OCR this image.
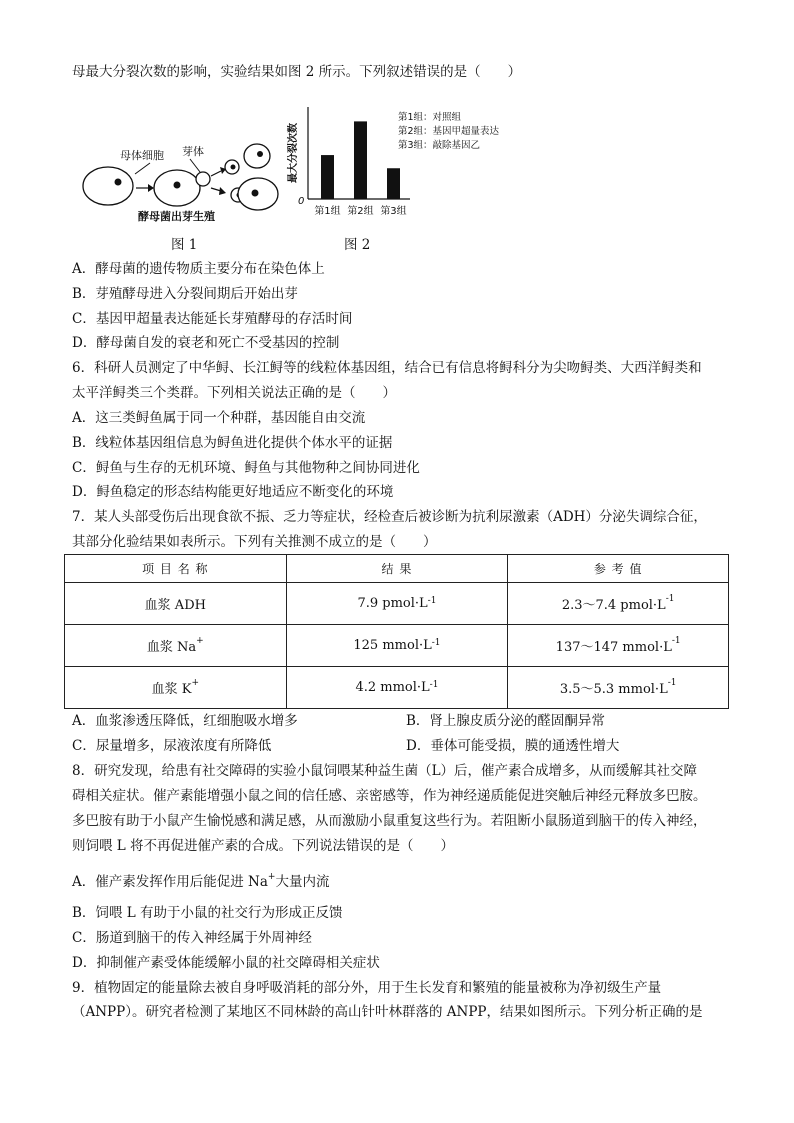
母最大分裂次数的影响，实验结果如图 2 所示。下列叙述错误的是（　　）
母体细胞 芽体
酵母菌出芽生殖
最大分裂次数
0
第1组 第2组 第3组
第1组：对照组
第2组：基因甲超量表达
第3组：敲除基因乙
图 1	图 2
A．酵母菌的遗传物质主要分布在染色体上
B．芽殖酵母进入分裂间期后开始出芽
C．基因甲超量表达能延长芽殖酵母的存活时间
D．酵母菌自发的衰老和死亡不受基因的控制
6．科研人员测定了中华鲟、长江鲟等的线粒体基因组，结合已有信息将鲟科分为尖吻鲟类、大西洋鲟类和
太平洋鲟类三个类群。下列相关说法正确的是（　　）
A．这三类鲟鱼属于同一个种群，基因能自由交流
B．线粒体基因组信息为鲟鱼进化提供个体水平的证据
C．鲟鱼与生存的无机环境、鲟鱼与其他物种之间协同进化
D．鲟鱼稳定的形态结构能更好地适应不断变化的环境
7．某人头部受伤后出现食欲不振、乏力等症状，经检查后被诊断为抗利尿激素（ADH）分泌失调综合征，
其部分化验结果如表所示。下列有关推测不成立的是（　　）
项 目 名 称	结 果	参 考 值
血浆 ADH	7.9 $pmol\cdot L^{-1}$	2.3～7.4 $pmol\cdot L^{-1}$
血浆 Na+	125 $mmol\cdot L^{-1}$	137～147 $mmol\cdot L^{-1}$
血浆 K+	4.2 $mmol\cdot L^{-1}$	3.5～5.3 $mmol\cdot L^{-1}$
A．血浆渗透压降低，红细胞吸水增多	B．肾上腺皮质分泌的醛固酮异常
C．尿量增多，尿液浓度有所降低	D．垂体可能受损，膜的通透性增大
8．研究发现，给患有社交障碍的实验小鼠饲喂某种益生菌（L）后，催产素合成增多，从而缓解其社交障
碍相关症状。催产素能增强小鼠之间的信任感、亲密感等，作为神经递质能促进突触后神经元释放多巴胺。
多巴胺有助于小鼠产生愉悦感和满足感，从而激励小鼠重复这些行为。若阻断小鼠肠道到脑干的传入神经，
则饲喂 L 将不再促进催产素的合成。下列说法错误的是（　　）
A．催产素发挥作用后能促进 Na+大量内流
B．饲喂 L 有助于小鼠的社交行为形成正反馈
C．肠道到脑干的传入神经属于外周神经
D．抑制催产素受体能缓解小鼠的社交障碍相关症状
9．植物固定的能量除去被自身呼吸消耗的部分外，用于生长发育和繁殖的能量被称为净初级生产量
（ANPP）。研究者检测了某地区不同林龄的高山针叶林群落的 ANPP，结果如图所示。下列分析正确的是
